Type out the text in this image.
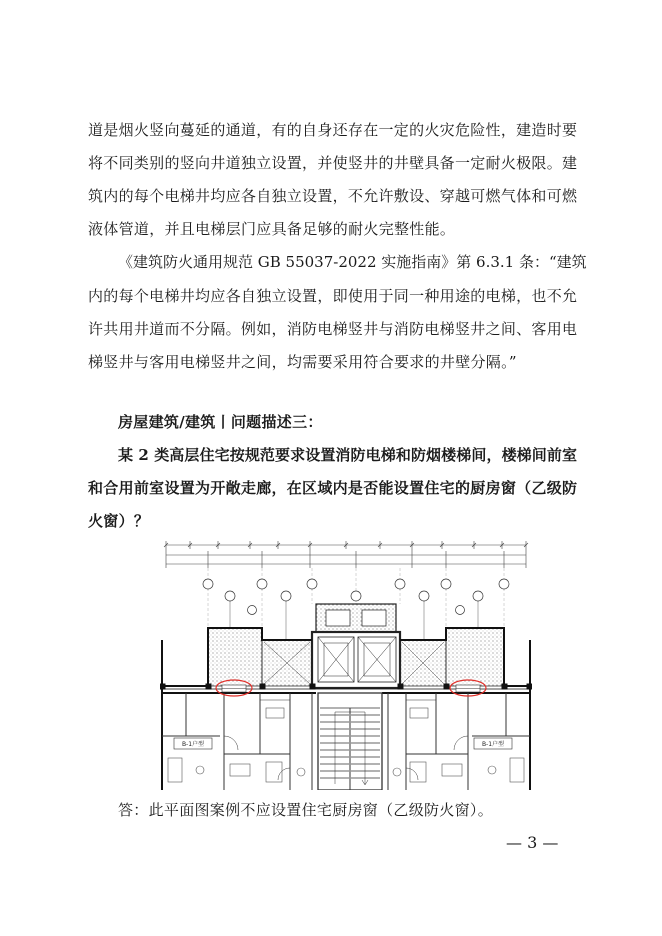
道是烟火竖向蔓延的通道，有的自身还存在一定的火灾危险性，建造时要
将不同类别的竖向井道独立设置，并使竖井的井壁具备一定耐火极限。建
筑内的每个电梯井均应各自独立设置，不允许敷设、穿越可燃气体和可燃
液体管道，并且电梯层门应具备足够的耐火完整性能。
《建筑防火通用规范 GB 55037-2022 实施指南》第 6.3.1 条：“建筑
内的每个电梯井均应各自独立设置，即使用于同一种用途的电梯，也不允
许共用井道而不分隔。例如，消防电梯竖井与消防电梯竖井之间、客用电
梯竖井与客用电梯竖井之间，均需要采用符合要求的井壁分隔。”
房屋建筑/建筑丨问题描述三：
某 2 类高层住宅按规范要求设置消防电梯和防烟楼梯间，楼梯间前室
和合用前室设置为开敞走廊，在区域内是否能设置住宅的厨房窗（乙级防
火窗）？
B-1户型	B-1户型
答：此平面图案例不应设置住宅厨房窗（乙级防火窗）。
— 3 —
